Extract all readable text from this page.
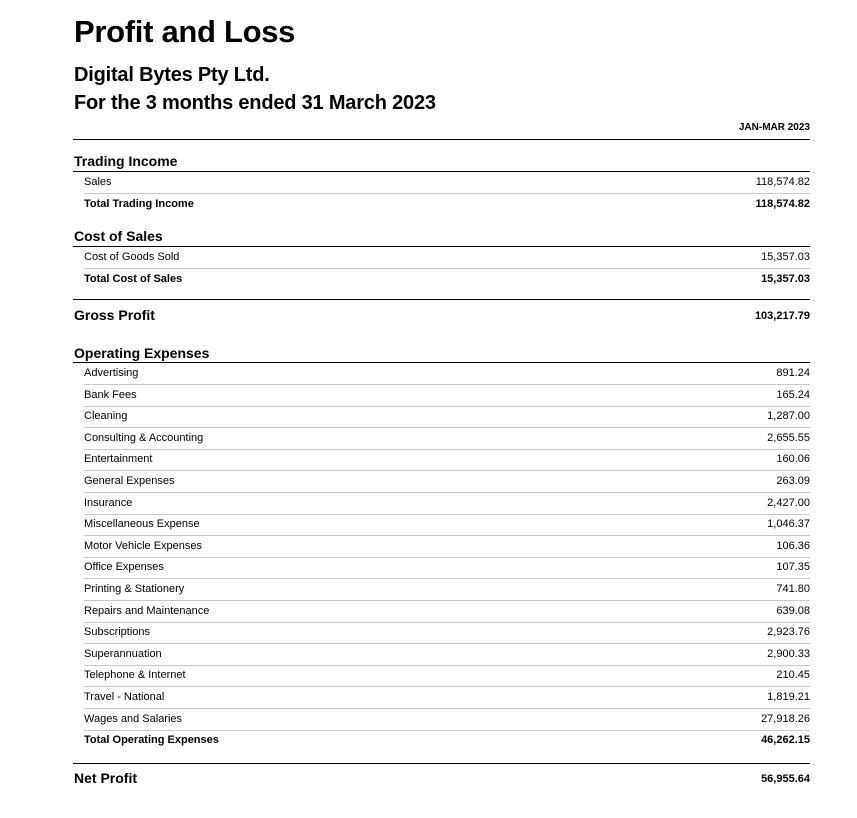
Profit and Loss
Digital Bytes Pty Ltd.
For the 3 months ended 31 March 2023
JAN-MAR 2023
Trading Income
Sales	118,574.82
Total Trading Income	118,574.82
Cost of Sales
Cost of Goods Sold	15,357.03
Total Cost of Sales	15,357.03
Gross Profit	103,217.79
Operating Expenses
Advertising	891.24
Bank Fees	165.24
Cleaning	1,287.00
Consulting & Accounting	2,655.55
Entertainment	160.06
General Expenses	263.09
Insurance	2,427.00
Miscellaneous Expense	1,046.37
Motor Vehicle Expenses	106.36
Office Expenses	107.35
Printing & Stationery	741.80
Repairs and Maintenance	639.08
Subscriptions	2,923.76
Superannuation	2,900.33
Telephone & Internet	210.45
Travel - National	1,819.21
Wages and Salaries	27,918.26
Total Operating Expenses	46,262.15
Net Profit	56,955.64
